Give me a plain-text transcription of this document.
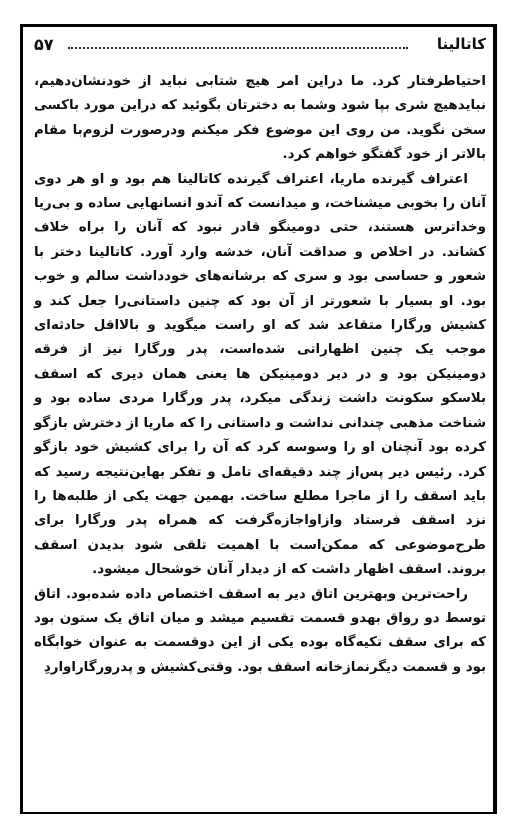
۵۷	کاتالینا

احتیاطرفتار کرد. ما دراین امر هیچ شتابی نباید از خودنشان‌دهیم، نبایدهیچ شری بپا شود وشما به دخترتان بگوئید که دراین مورد باکسی سخن نگوید. من روی این موضوع فکر میکنم ودرصورت لزوم‌با مقام بالاتر از خود گفتگو خواهم کرد.

اعتراف گیرنده ماریا، اعتراف گیرنده کاتالینا هم بود و او هر دوی آنان را بخوبی میشناخت، و میدانست که آندو انسانهایی ساده و بی‌ریا وخداترس هستند، حتی دومینگو قادر نبود که آنان را براه خلاف کشاند. در اخلاص و صداقت آنان، خدشه وارد آورد. کاتالینا دختر با شعور و حساسی بود و سری که برشانه‌های خودداشت سالم و خوب بود. او بسیار با شعورتر از آن بود که چنین داستانی‌را جعل کند و کشیش ورگارا متقاعد شد که او راست میگوید و بالااقل حادثه‌ای موجب یک چنین اظهاراتی شده‌است، پدر ورگارا نیز از فرقه دومینیکن بود و در دیر دومینیکن ها یعنی همان دیری که اسقف بلاسکو سکونت داشت زندگی میکرد، پدر ورگارا مردی ساده بود و شناخت مذهبی چندانی نداشت و داستانی را که ماریا از دخترش بازگو کرده بود آنچنان او را وسوسه کرد که آن را برای کشیش خود بازگو کرد. رئیس دیر پس‌از چند دقیقه‌ای تامل و تفکر بهاین‌نتیجه رسید که باید اسقف را از ماجرا مطلع ساخت. بهمین جهت یکی از طلبه‌ها را نزد اسقف فرستاد وازاواجازه‌گرفت که همراه پدر ورگارا برای طرح‌موضوعی که ممکن‌است با اهمیت تلقی شود بدیدن اسقف بروند. اسقف اظهار داشت که از دیدار آنان خوشحال میشود.

راحت‌ترین وبهترین اتاق دیر به اسقف اختصاص داده شده‌بود. اتاق توسط دو رواق بهدو قسمت تقسیم میشد و میان اتاق یک ستون بود که برای سقف تکیه‌گاه بوده یکی از این دوقسمت به عنوان خوابگاه بود و قسمت دیگرنمازخانه اسقف بود. وقتی‌کشیش و پدرورگاراواردِ
